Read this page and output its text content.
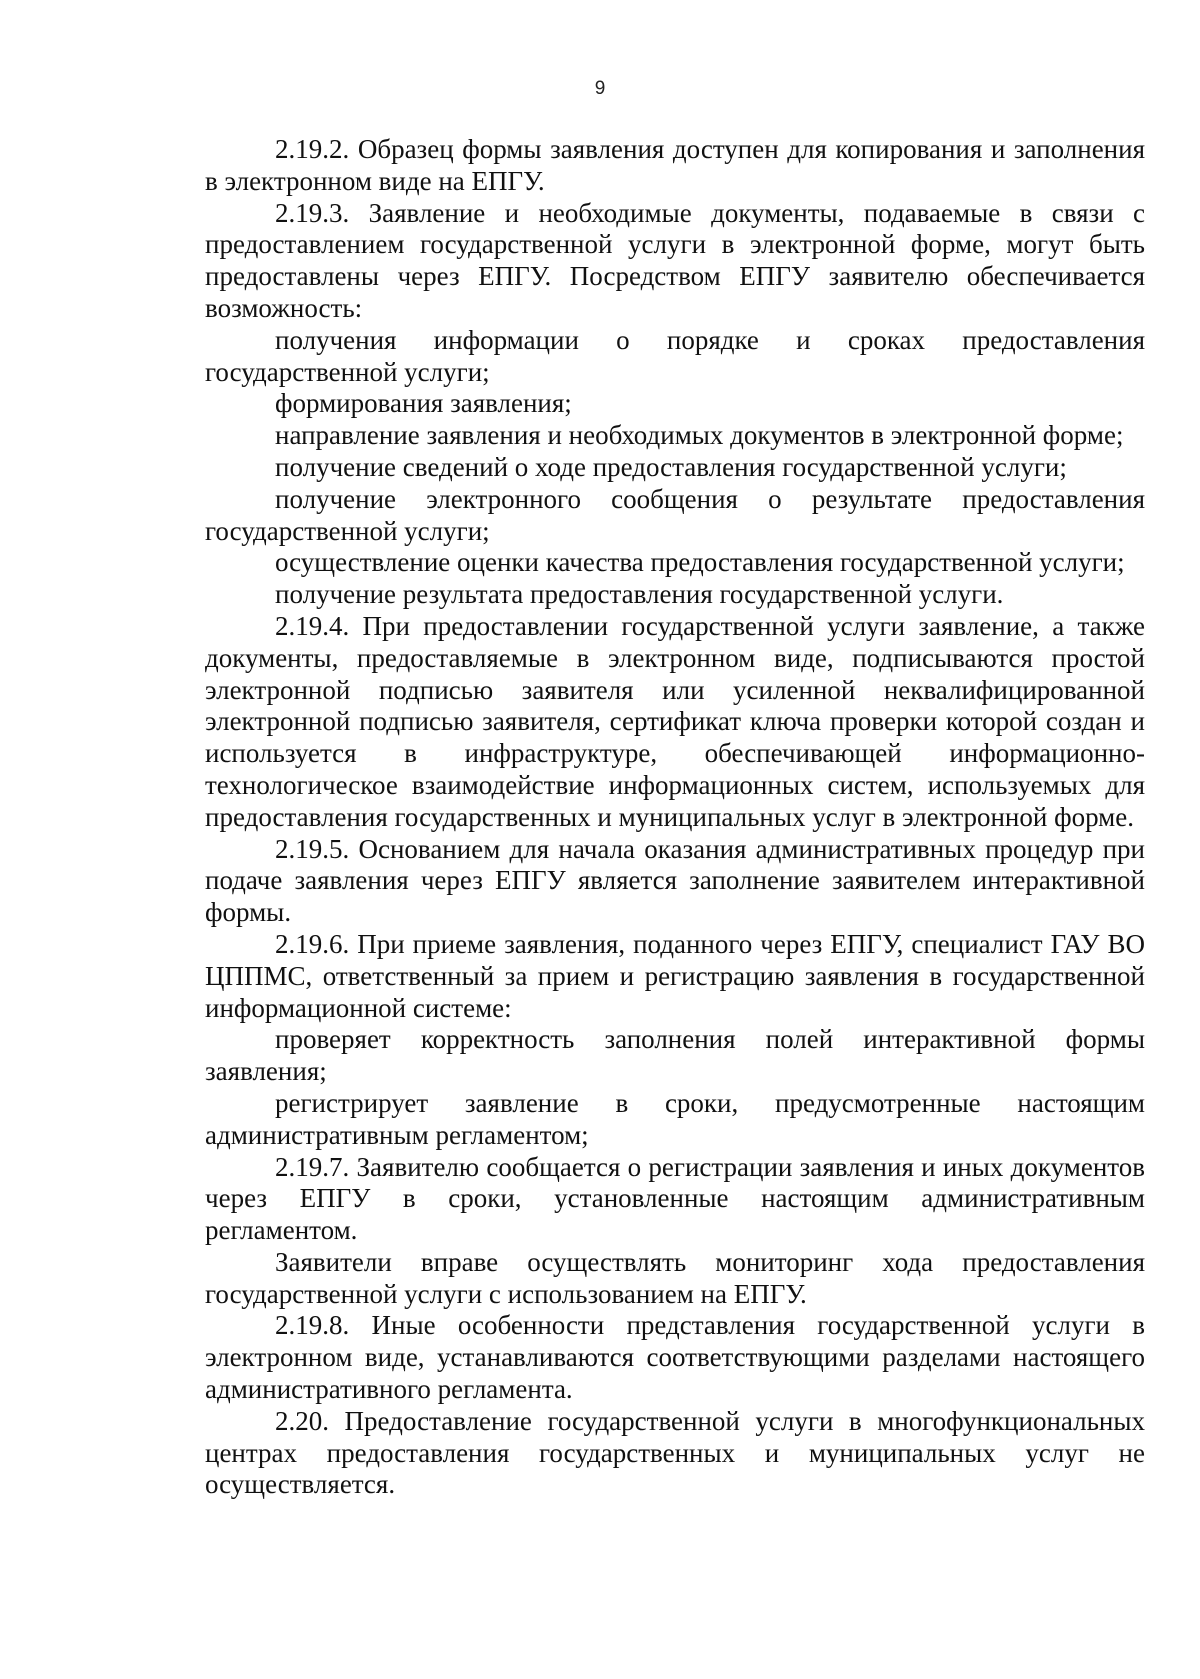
9

2.19.2. Образец формы заявления доступен для копирования и заполнения в электронном виде на ЕПГУ.

2.19.3. Заявление и необходимые документы, подаваемые в связи с предоставлением государственной услуги в электронной форме, могут быть предоставлены через ЕПГУ. Посредством ЕПГУ заявителю обеспечивается возможность:

получения информации о порядке и сроках предоставления государственной услуги;

формирования заявления;

направление заявления и необходимых документов в электронной форме;

получение сведений о ходе предоставления государственной услуги;

получение электронного сообщения о результате предоставления государственной услуги;

осуществление оценки качества предоставления государственной услуги;

получение результата предоставления государственной услуги.

2.19.4. При предоставлении государственной услуги заявление, а также документы, предоставляемые в электронном виде, подписываются простой электронной подписью заявителя или усиленной неквалифицированной электронной подписью заявителя, сертификат ключа проверки которой создан и используется в инфраструктуре, обеспечивающей информационно-технологическое взаимодействие информационных систем, используемых для предоставления государственных и муниципальных услуг в электронной форме.

2.19.5. Основанием для начала оказания административных процедур при подаче заявления через ЕПГУ является заполнение заявителем интерактивной формы.

2.19.6. При приеме заявления, поданного через ЕПГУ, специалист ГАУ ВО ЦППМС, ответственный за прием и регистрацию заявления в государственной информационной системе:

проверяет корректность заполнения полей интерактивной формы заявления;

регистрирует заявление в сроки, предусмотренные настоящим административным регламентом;

2.19.7. Заявителю сообщается о регистрации заявления и иных документов через ЕПГУ в сроки, установленные настоящим административным регламентом.

Заявители вправе осуществлять мониторинг хода предоставления государственной услуги с использованием на ЕПГУ.

2.19.8. Иные особенности представления государственной услуги в электронном виде, устанавливаются соответствующими разделами настоящего административного регламента.

2.20. Предоставление государственной услуги в многофункциональных центрах предоставления государственных и муниципальных услуг не осуществляется.
